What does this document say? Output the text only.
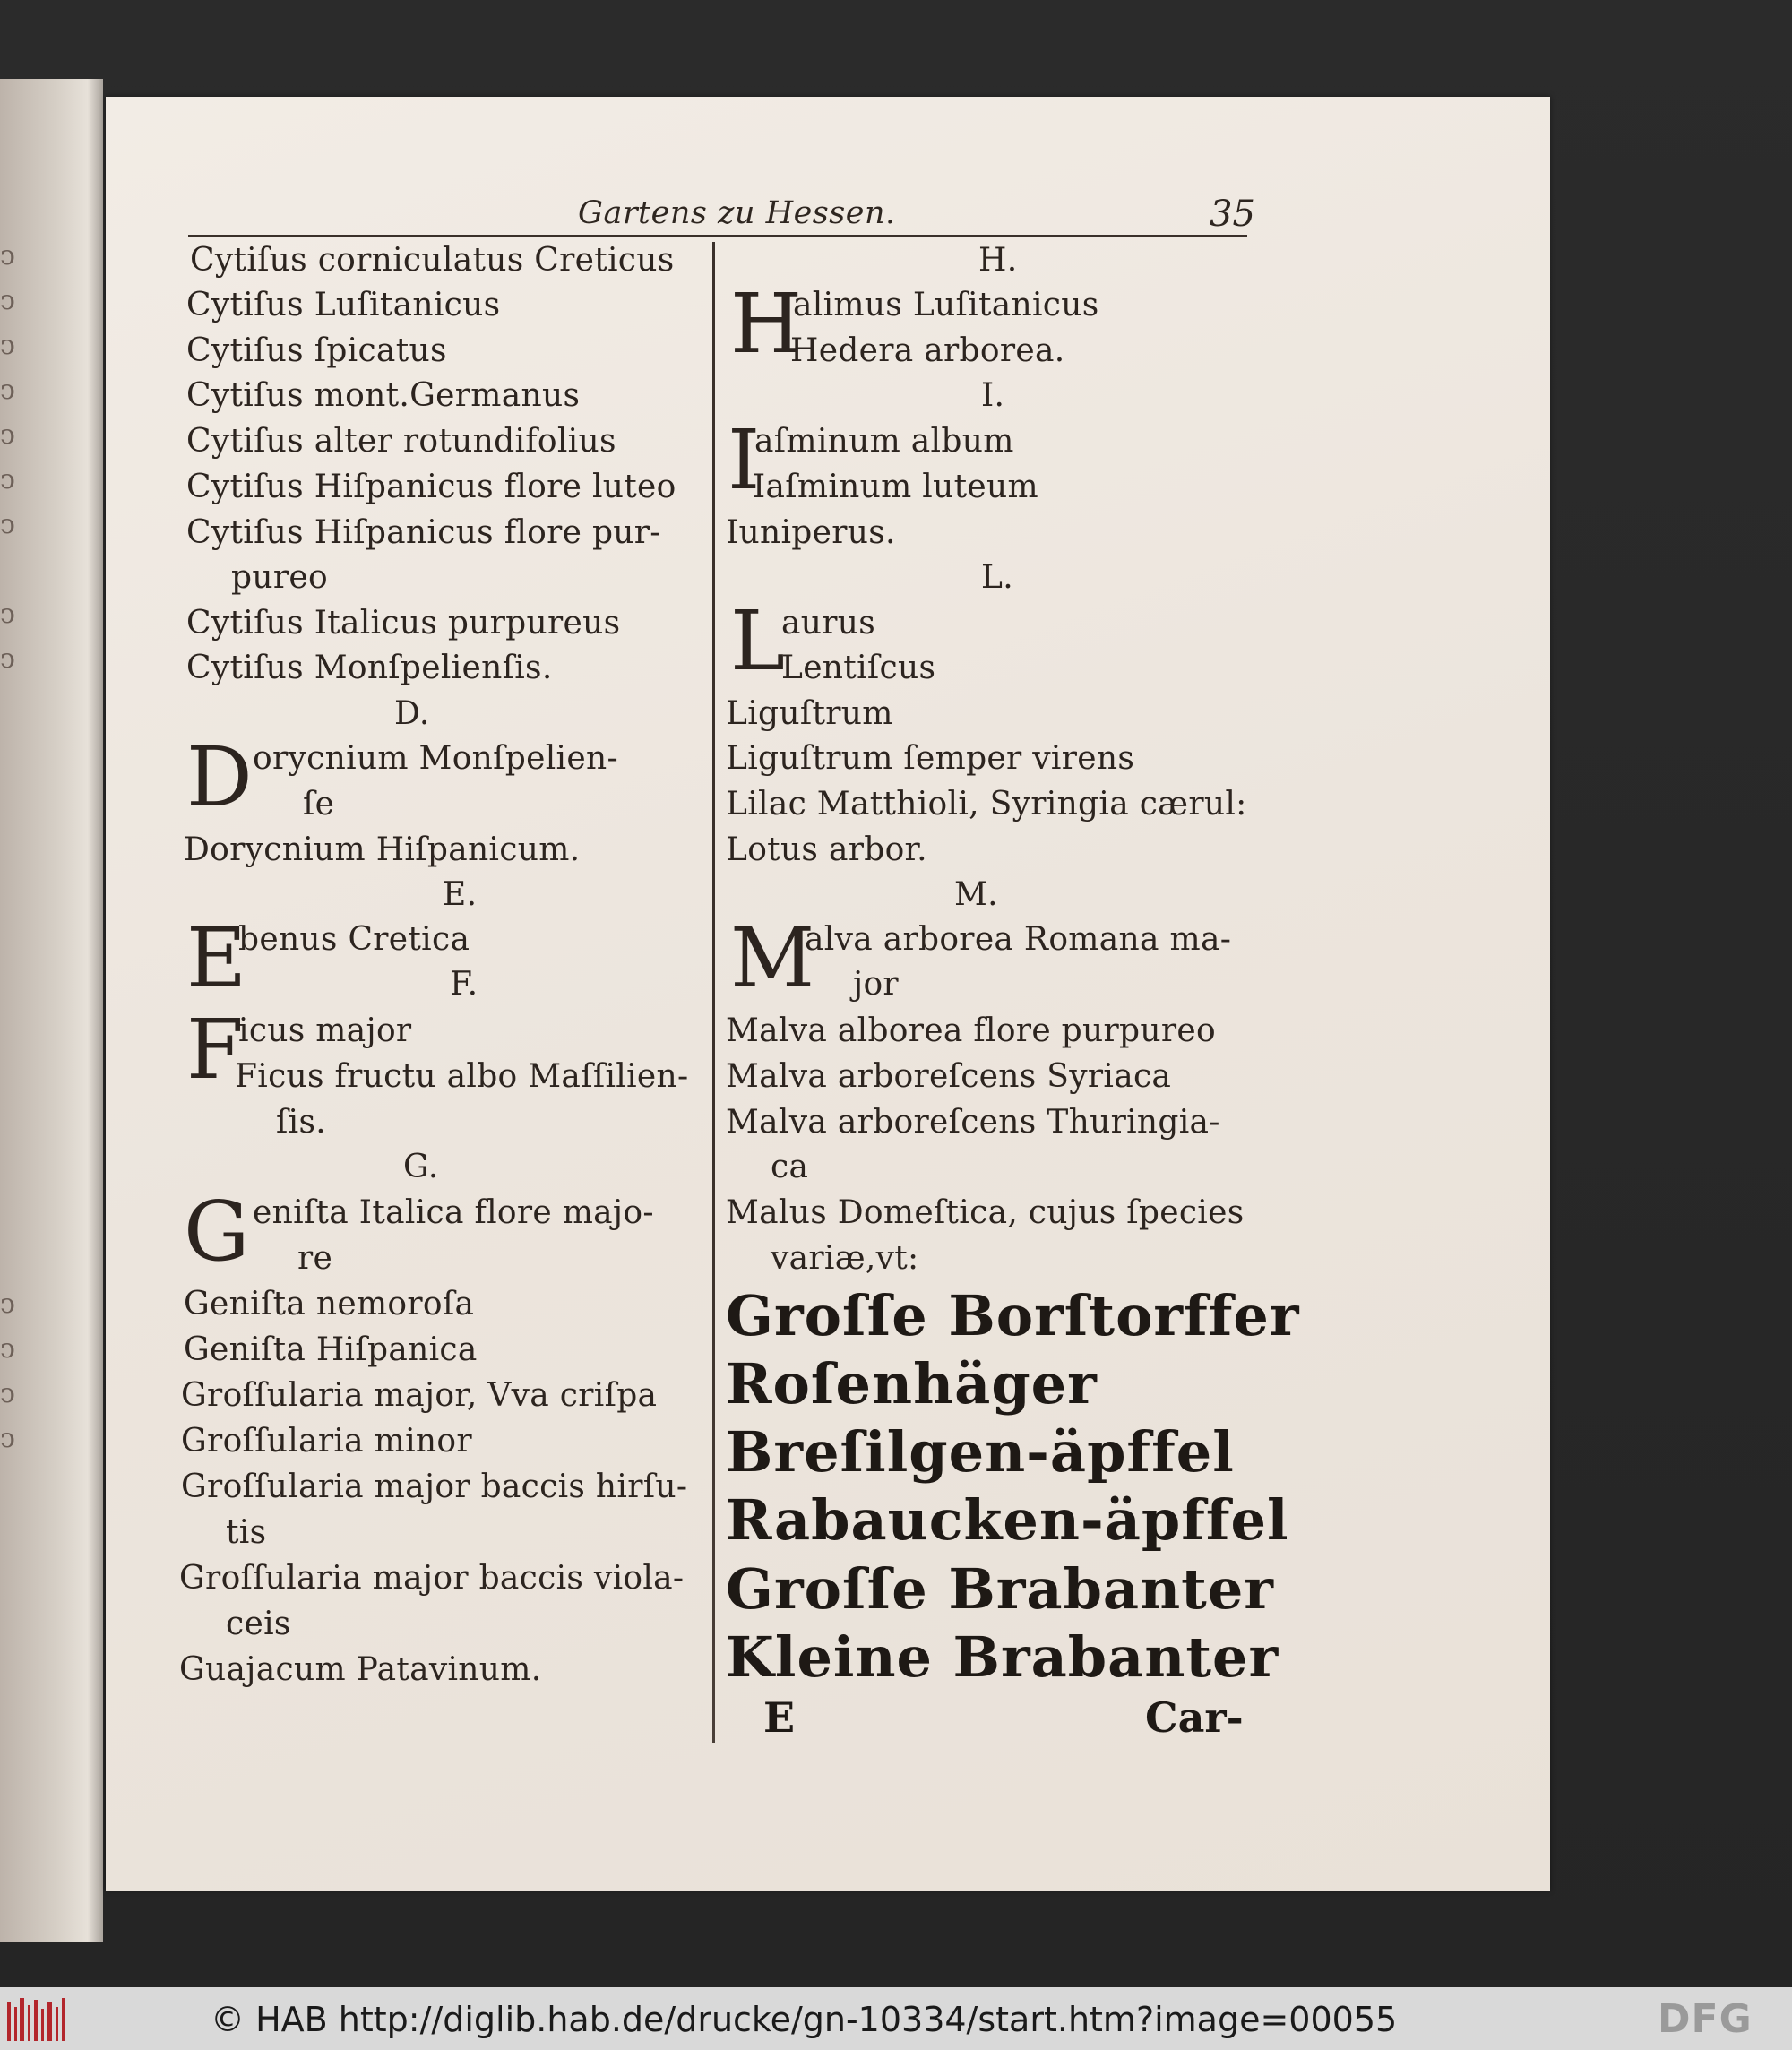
ↄ
ↄ
ↄ
ↄ
ↄ
ↄ
ↄ
ↄ
ↄ
ↄ
ↄ
ↄ
ↄ
Gartens zu Hessen.	35
Cytiſus corniculatus Creticus
Cytiſus Luſitanicus
Cytiſus ſpicatus
Cytiſus mont.Germanus
Cytiſus alter rotundifolius
Cytiſus Hiſpanicus flore luteo
Cytiſus Hiſpanicus flore pur-
pureo
Cytiſus Italicus purpureus
Cytiſus Monſpelienſis.
D.
D orycnium Monſpelien-
ſe
Dorycnium Hiſpanicum.
E.
E
benus Cretica
F.
F
icus major
Ficus fructu albo Maſſilien-
ſis.
G.
G eniſta Italica flore majo-
re
Geniſta nemoroſa
Geniſta Hiſpanica
Groſſularia major, Vva criſpa
Groſſularia minor
Groſſularia major baccis hirſu-
tis
Groſſularia major baccis viola-
ceis
Guajacum Patavinum.
H.
H
alimus Luſitanicus
Hedera arborea.
I.
I
aſminum album
Iaſminum luteum
Iuniperus.
L.
L
aurus
Lentiſcus
Liguſtrum
Liguſtrum ſemper virens
Lilac Matthioli, Syringia cærul:
Lotus arbor.
M.
M
alva arborea Romana ma-
jor
Malva alborea flore purpureo
Malva arboreſcens Syriaca
Malva arboreſcens Thuringia-
ca
Malus Domeſtica, cujus ſpecies
variæ,vt:
Groſſe Borſtorffer
Roſenhäger
Breſilgen-äpffel
Rabaucken-äpffel
Groſſe Brabanter
Kleine Brabanter
E	Car-
© HAB http://diglib.hab.de/drucke/gn-10334/start.htm?image=00055	DFG
